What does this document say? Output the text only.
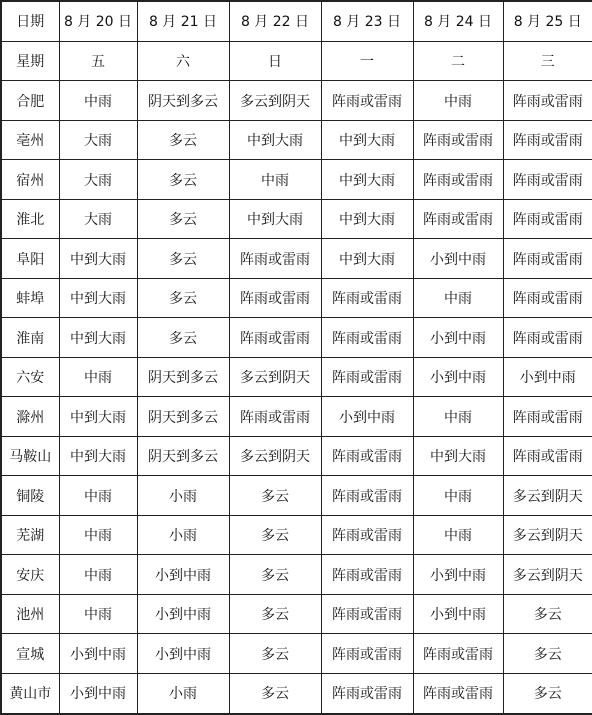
日期	8 月 20 日	8 月 21 日	8 月 22 日	8 月 23 日	8 月 24 日	8 月 25 日
星期	五	六	日	一	二	三
合肥	中雨	阴天到多云	多云到阴天	阵雨或雷雨	中雨	阵雨或雷雨
亳州	大雨	多云	中到大雨	中到大雨	阵雨或雷雨	阵雨或雷雨
宿州	大雨	多云	中雨	中到大雨	阵雨或雷雨	阵雨或雷雨
淮北	大雨	多云	中到大雨	中到大雨	阵雨或雷雨	阵雨或雷雨
阜阳	中到大雨	多云	阵雨或雷雨	中到大雨	小到中雨	阵雨或雷雨
蚌埠	中到大雨	多云	阵雨或雷雨	阵雨或雷雨	中雨	阵雨或雷雨
淮南	中到大雨	多云	阵雨或雷雨	阵雨或雷雨	小到中雨	阵雨或雷雨
六安	中雨	阴天到多云	多云到阴天	阵雨或雷雨	小到中雨	小到中雨
滁州	中到大雨	阴天到多云	阵雨或雷雨	小到中雨	中雨	阵雨或雷雨
马鞍山	中到大雨	阴天到多云	多云到阴天	阵雨或雷雨	中到大雨	阵雨或雷雨
铜陵	中雨	小雨	多云	阵雨或雷雨	中雨	多云到阴天
芜湖	中雨	小雨	多云	阵雨或雷雨	中雨	多云到阴天
安庆	中雨	小到中雨	多云	阵雨或雷雨	小到中雨	多云到阴天
池州	中雨	小到中雨	多云	阵雨或雷雨	小到中雨	多云
宣城	小到中雨	小到中雨	多云	阵雨或雷雨	阵雨或雷雨	多云
黄山市	小到中雨	小雨	多云	阵雨或雷雨	阵雨或雷雨	多云
